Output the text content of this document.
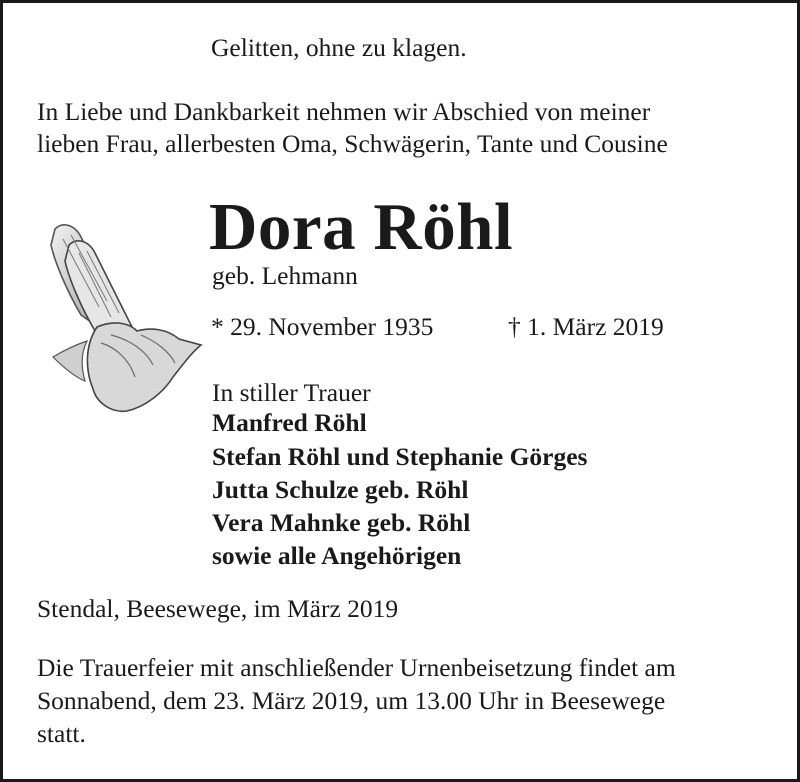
Gelitten, ohne zu klagen.
In Liebe und Dankbarkeit nehmen wir Abschied von meiner
lieben Frau, allerbesten Oma, Schwägerin, Tante und Cousine
Dora Röhl
geb. Lehmann
* 29. November 1935	† 1. März 2019
In stiller Trauer
Manfred Röhl
Stefan Röhl und Stephanie Görges
Jutta Schulze geb. Röhl
Vera Mahnke geb. Röhl
sowie alle Angehörigen
Stendal, Beesewege, im März 2019
Die Trauerfeier mit anschließender Urnenbeisetzung findet am
Sonnabend, dem 23. März 2019, um 13.00 Uhr in Beesewege
statt.
